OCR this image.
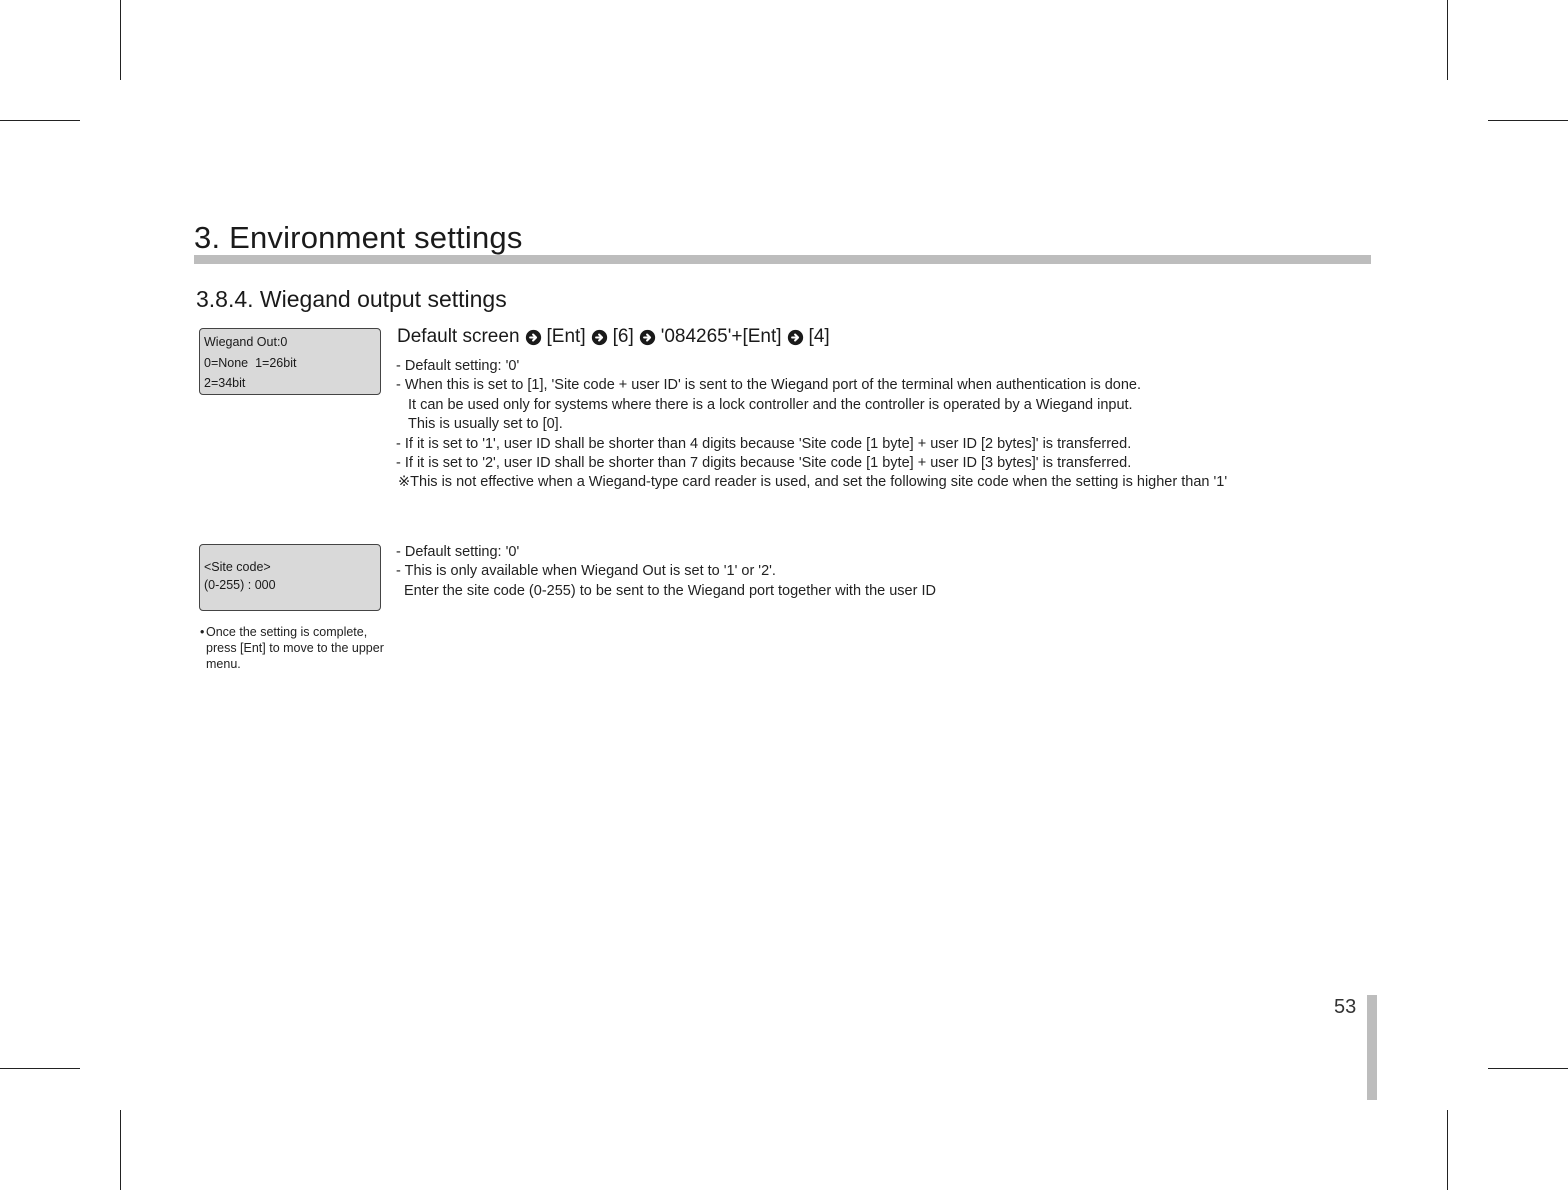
3. Environment settings
3.8.4. Wiegand output settings
Wiegand Out:0
0=None  1=26bit
2=34bit
<Site code>
(0-255) : 000
• Once the setting is complete, press [Ent] to move to the upper menu.
Default screen [Ent] [6] '084265'+[Ent] [4]
- Default setting: '0'
- When this is set to [1], 'Site code + user ID' is sent to the Wiegand port of the terminal when authentication is done.
It can be used only for systems where there is a lock controller and the controller is operated by a Wiegand input.
This is usually set to [0].
- If it is set to '1', user ID shall be shorter than 4 digits because 'Site code [1 byte] + user ID [2 bytes]' is transferred.
- If it is set to '2', user ID shall be shorter than 7 digits because 'Site code [1 byte] + user ID [3 bytes]' is transferred.
※This is not effective when a Wiegand-type card reader is used, and set the following site code when the setting is higher than '1'
- Default setting: '0'
- This is only available when Wiegand Out is set to '1' or '2'.
Enter the site code (0-255) to be sent to the Wiegand port together with the user ID
53
